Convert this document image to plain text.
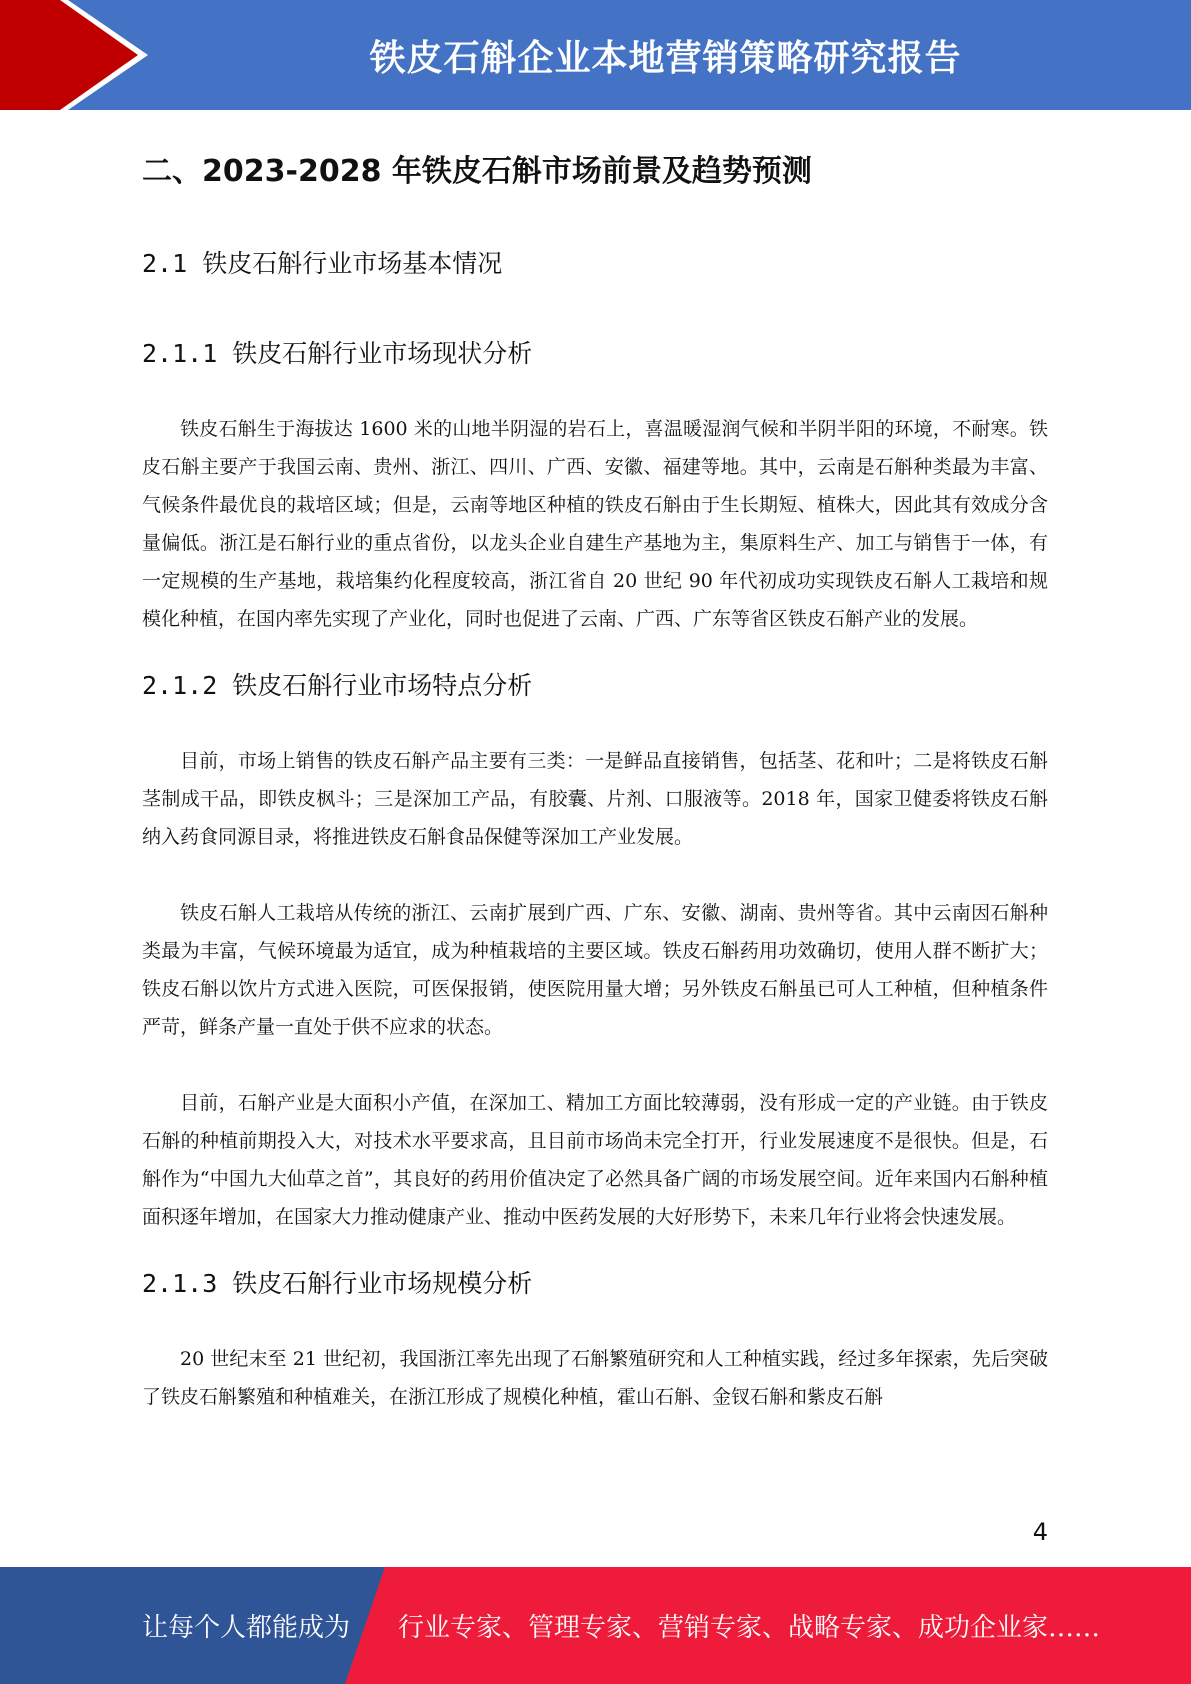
铁皮石斛企业本地营销策略研究报告
二、2023-2028 年铁皮石斛市场前景及趋势预测
2.1 铁皮石斛行业市场基本情况
2.1.1 铁皮石斛行业市场现状分析

铁皮石斛生于海拔达 1600 米的山地半阴湿的岩石上，喜温暖湿润气候和半阴半阳的环境，不耐寒。铁皮石斛主要产于我国云南、贵州、浙江、四川、广西、安徽、福建等地。其中，云南是石斛种类最为丰富、气候条件最优良的栽培区域；但是，云南等地区种植的铁皮石斛由于生长期短、植株大，因此其有效成分含量偏低。浙江是石斛行业的重点省份，以龙头企业自建生产基地为主，集原料生产、加工与销售于一体，有一定规模的生产基地，栽培集约化程度较高，浙江省自 20 世纪 90 年代初成功实现铁皮石斛人工栽培和规模化种植，在国内率先实现了产业化，同时也促进了云南、广西、广东等省区铁皮石斛产业的发展。

2.1.2 铁皮石斛行业市场特点分析

目前，市场上销售的铁皮石斛产品主要有三类：一是鲜品直接销售，包括茎、花和叶；二是将铁皮石斛茎制成干品，即铁皮枫斗；三是深加工产品，有胶囊、片剂、口服液等。2018 年，国家卫健委将铁皮石斛纳入药食同源目录，将推进铁皮石斛食品保健等深加工产业发展。

铁皮石斛人工栽培从传统的浙江、云南扩展到广西、广东、安徽、湖南、贵州等省。其中云南因石斛种类最为丰富，气候环境最为适宜，成为种植栽培的主要区域。铁皮石斛药用功效确切，使用人群不断扩大；铁皮石斛以饮片方式进入医院，可医保报销，使医院用量大增；另外铁皮石斛虽已可人工种植，但种植条件严苛，鲜条产量一直处于供不应求的状态。

目前，石斛产业是大面积小产值，在深加工、精加工方面比较薄弱，没有形成一定的产业链。由于铁皮石斛的种植前期投入大，对技术水平要求高，且目前市场尚未完全打开，行业发展速度不是很快。但是，石斛作为“中国九大仙草之首”，其良好的药用价值决定了必然具备广阔的市场发展空间。近年来国内石斛种植面积逐年增加，在国家大力推动健康产业、推动中医药发展的大好形势下，未来几年行业将会快速发展。

2.1.3 铁皮石斛行业市场规模分析

20 世纪末至 21 世纪初，我国浙江率先出现了石斛繁殖研究和人工种植实践，经过多年探索，先后突破了铁皮石斛繁殖和种植难关，在浙江形成了规模化种植，霍山石斛、金钗石斛和紫皮石斛

4
让每个人都能成为 行业专家、管理专家、营销专家、战略专家、成功企业家……
